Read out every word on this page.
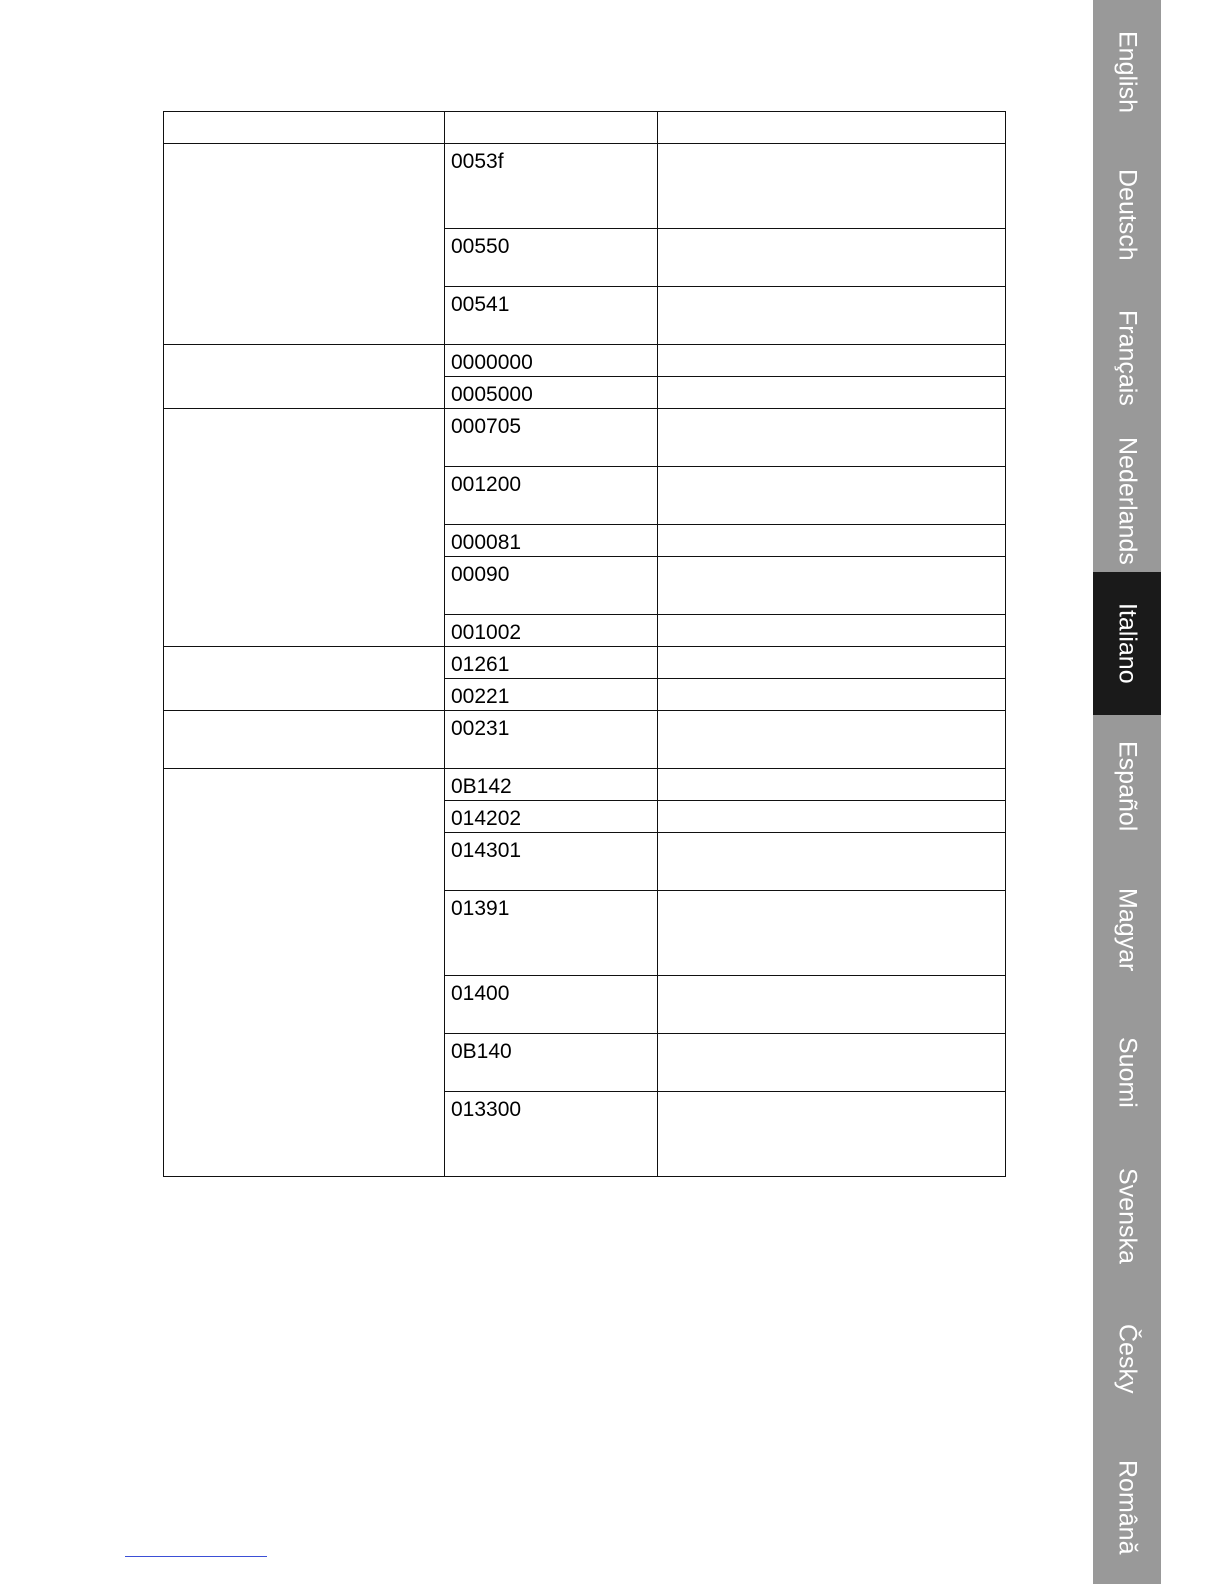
	0053f	
	00550	
	00541	
	0000000	
	0005000	
	000705	
	001200	
	000081	
	00090	
	001002	
	01261	
	00221	
	00231	
	0B142	
	014202	
	014301	
	01391	
	01400	
	0B140	
	013300	
English
Deutsch
Français
Nederlands
Italiano
Español
Magyar
Suomi
Svenska
Česky
Română
